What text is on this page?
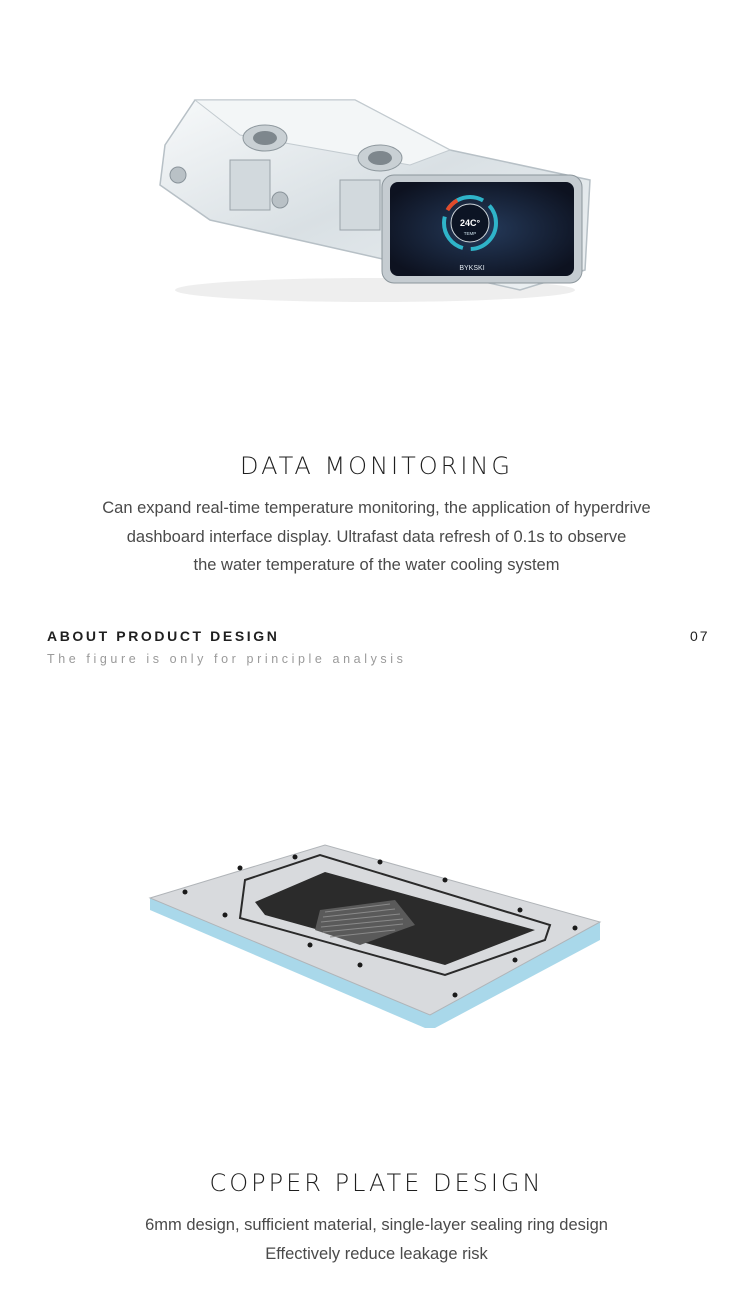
24C°
TEMP
BYKSKI
DATA MONITORING

Can expand real-time temperature monitoring, the application of hyperdrive
dashboard interface display. Ultrafast data refresh of 0.1s to observe
the water temperature of the water cooling system

ABOUT PRODUCT DESIGN	07
The figure is only for principle analysis
COPPER PLATE DESIGN

6mm design, sufficient material, single-layer sealing ring design
Effectively reduce leakage risk
